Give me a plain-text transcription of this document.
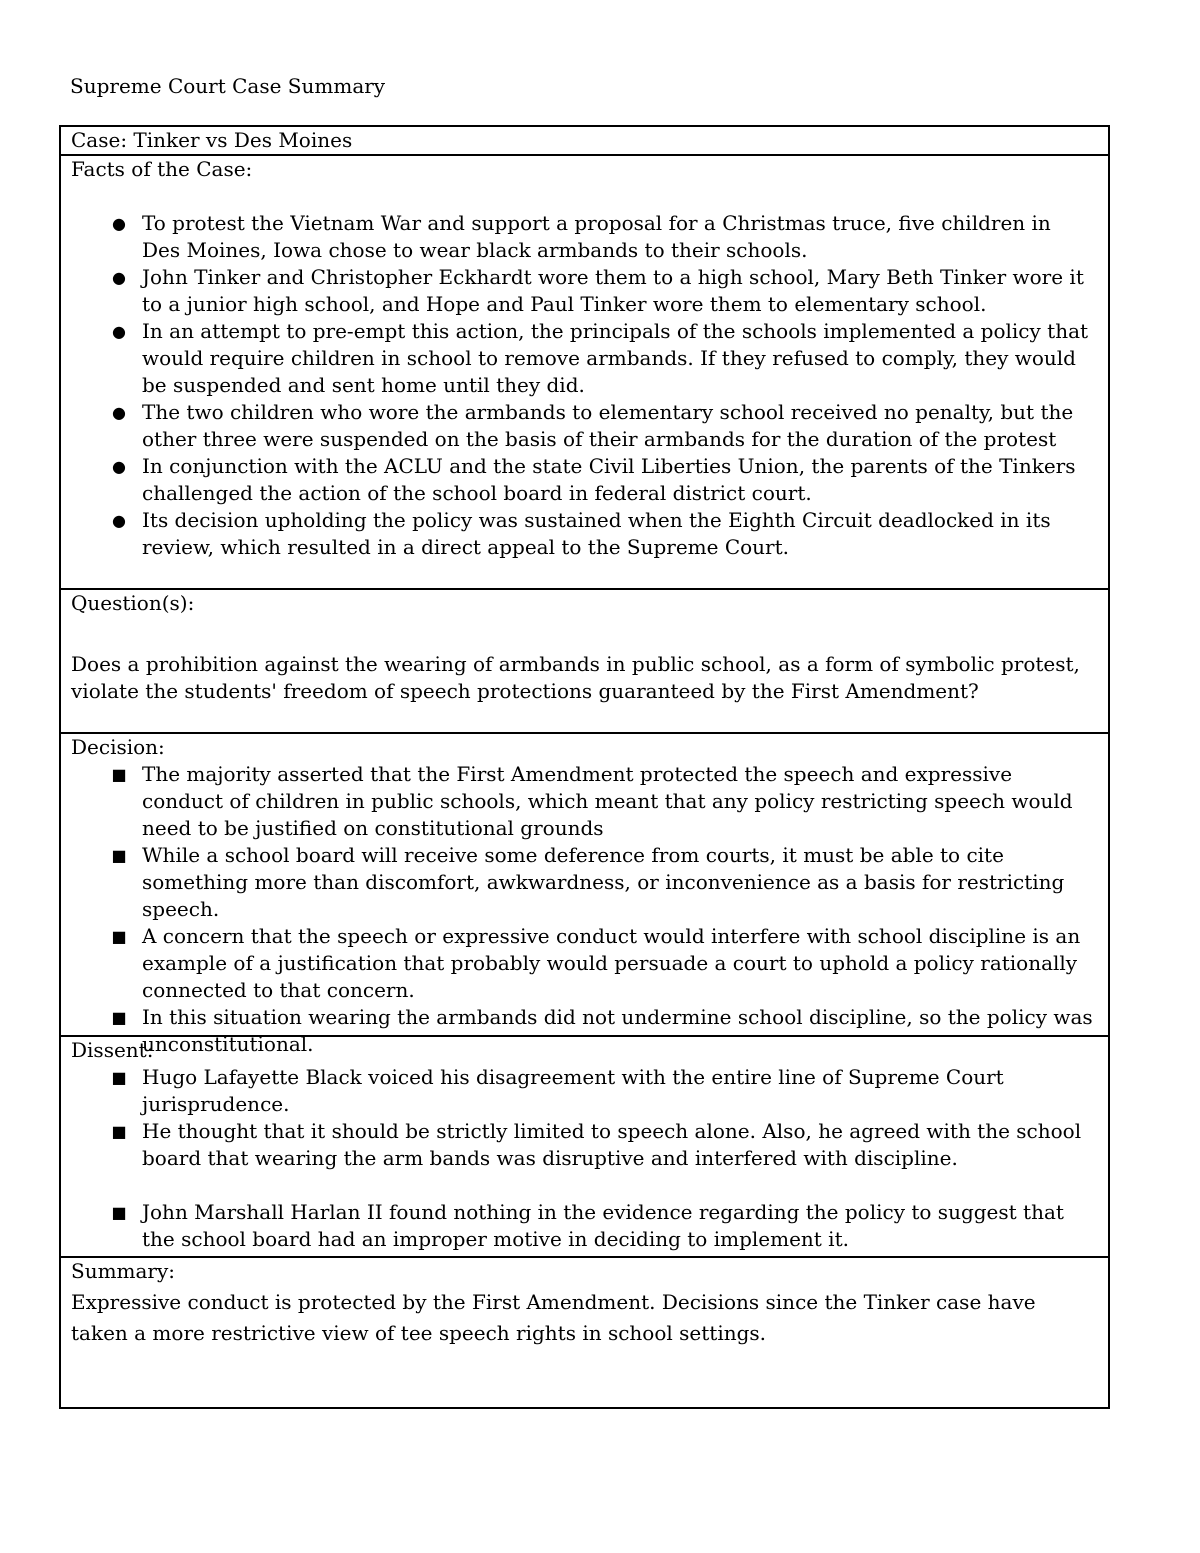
Supreme Court Case Summary
Case: Tinker vs Des Moines
Facts of the Case:
● To protest the Vietnam War and support a proposal for a Christmas truce, five children in Des Moines, Iowa chose to wear black armbands to their schools.
● John Tinker and Christopher Eckhardt wore them to a high school, Mary Beth Tinker wore it to a junior high school, and Hope and Paul Tinker wore them to elementary school.
● In an attempt to pre-empt this action, the principals of the schools implemented a policy that would require children in school to remove armbands. If they refused to comply, they would be suspended and sent home until they did.
● The two children who wore the armbands to elementary school received no penalty, but the other three were suspended on the basis of their armbands for the duration of the protest
● In conjunction with the ACLU and the state Civil Liberties Union, the parents of the Tinkers challenged the action of the school board in federal district court.
● Its decision upholding the policy was sustained when the Eighth Circuit deadlocked in its review, which resulted in a direct appeal to the Supreme Court.
Question(s):
Does a prohibition against the wearing of armbands in public school, as a form of symbolic protest, violate the students' freedom of speech protections guaranteed by the First Amendment?
Decision:
■ The majority asserted that the First Amendment protected the speech and expressive conduct of children in public schools, which meant that any policy restricting speech would need to be justified on constitutional grounds
■ While a school board will receive some deference from courts, it must be able to cite something more than discomfort, awkwardness, or inconvenience as a basis for restricting speech.
■ A concern that the speech or expressive conduct would interfere with school discipline is an example of a justification that probably would persuade a court to uphold a policy rationally connected to that concern.
■ In this situation wearing the armbands did not undermine school discipline, so the policy was unconstitutional.
Dissent:
■ Hugo Lafayette Black voiced his disagreement with the entire line of Supreme Court jurisprudence.
■ He thought that it should be strictly limited to speech alone. Also, he agreed with the school board that wearing the arm bands was disruptive and interfered with discipline.
■ John Marshall Harlan II found nothing in the evidence regarding the policy to suggest that the school board had an improper motive in deciding to implement it.
Summary:
Expressive conduct is protected by the First Amendment. Decisions since the Tinker case have taken a more restrictive view of tee speech rights in school settings.
